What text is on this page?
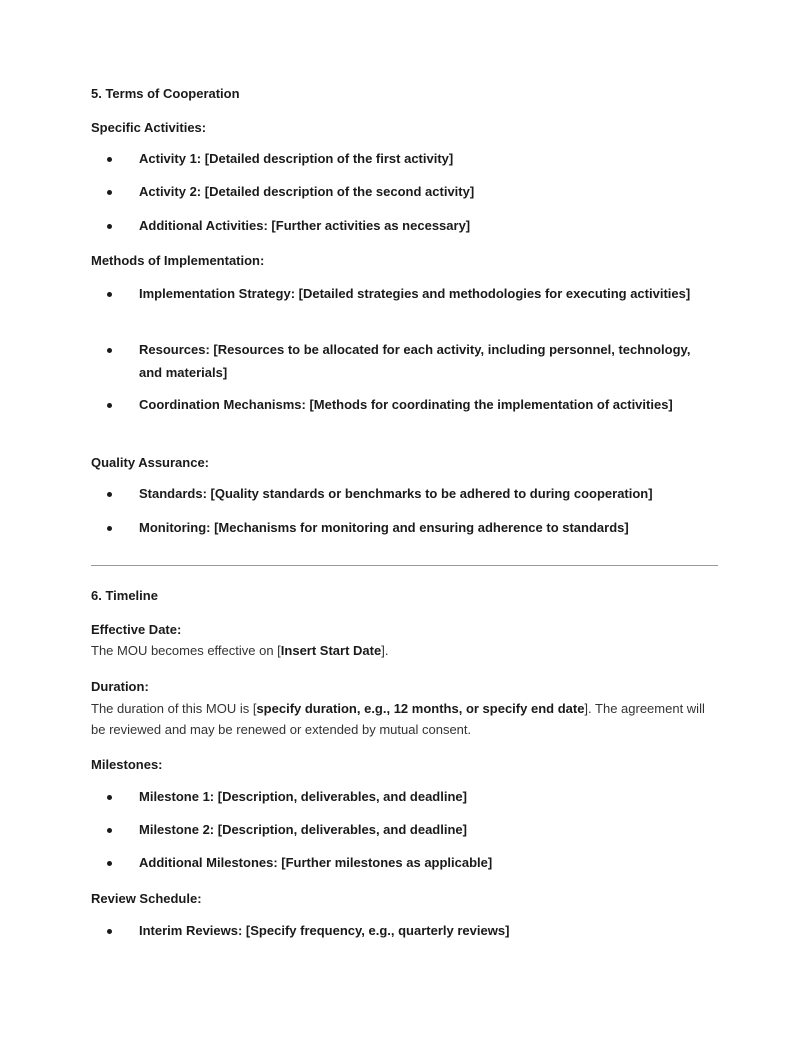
5. Terms of Cooperation
Specific Activities:
Activity 1: [Detailed description of the first activity]
Activity 2: [Detailed description of the second activity]
Additional Activities: [Further activities as necessary]
Methods of Implementation:
Implementation Strategy: [Detailed strategies and methodologies for executing activities]
Resources: [Resources to be allocated for each activity, including personnel, technology, and materials]
Coordination Mechanisms: [Methods for coordinating the implementation of activities]
Quality Assurance:
Standards: [Quality standards or benchmarks to be adhered to during cooperation]
Monitoring: [Mechanisms for monitoring and ensuring adherence to standards]
6. Timeline
Effective Date:
The MOU becomes effective on [Insert Start Date].
Duration:
The duration of this MOU is [specify duration, e.g., 12 months, or specify end date]. The agreement will be reviewed and may be renewed or extended by mutual consent.
Milestones:
Milestone 1: [Description, deliverables, and deadline]
Milestone 2: [Description, deliverables, and deadline]
Additional Milestones: [Further milestones as applicable]
Review Schedule:
Interim Reviews: [Specify frequency, e.g., quarterly reviews]
